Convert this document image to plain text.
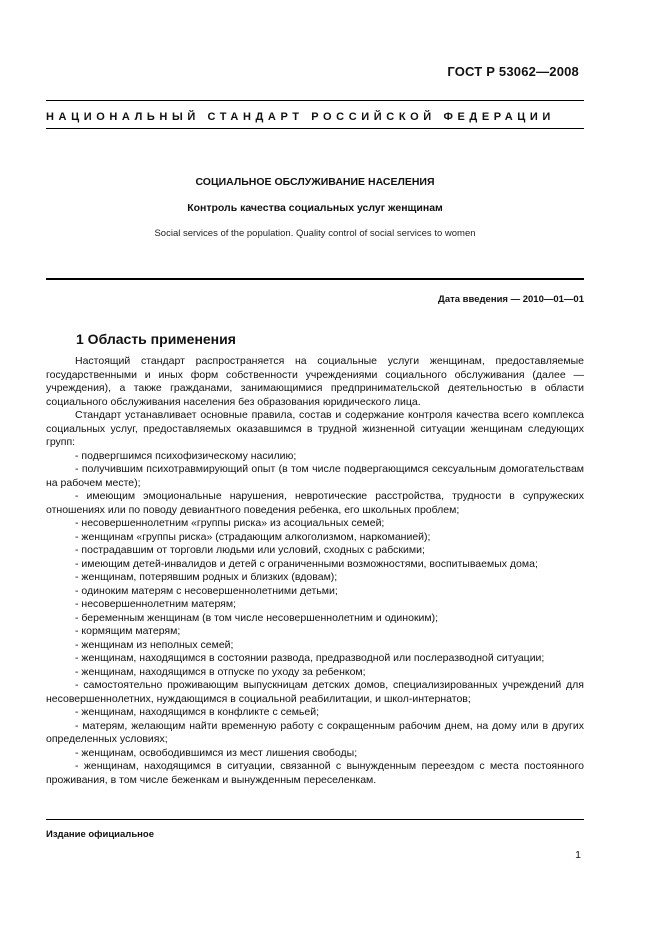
ГОСТ Р 53062—2008
НАЦИОНАЛЬНЫЙ СТАНДАРТ РОССИЙСКОЙ ФЕДЕРАЦИИ
СОЦИАЛЬНОЕ ОБСЛУЖИВАНИЕ НАСЕЛЕНИЯ
Контроль качества социальных услуг женщинам
Social services of the population. Quality control of social services to women
Дата введения — 2010—01—01
1 Область применения

Настоящий стандарт распространяется на социальные услуги женщинам, предоставляемые государственными и иных форм собственности учреждениями социального обслуживания (далее — учреждения), а также гражданами, занимающимися предпринимательской деятельностью в области социального обслуживания населения без образования юридического лица.

Стандарт устанавливает основные правила, состав и содержание контроля качества всего комплекса социальных услуг, предоставляемых оказавшимся в трудной жизненной ситуации женщинам следующих групп:

- подвергшимся психофизическому насилию;

- получившим психотравмирующий опыт (в том числе подвергающимся сексуальным домогательствам на рабочем месте);

- имеющим эмоциональные нарушения, невротические расстройства, трудности в супружеских отношениях или по поводу девиантного поведения ребенка, его школьных проблем;

- несовершеннолетним «группы риска» из асоциальных семей;

- женщинам «группы риска» (страдающим алкоголизмом, наркоманией);

- пострадавшим от торговли людьми или условий, сходных с рабскими;

- имеющим детей-инвалидов и детей с ограниченными возможностями, воспитываемых дома;

- женщинам, потерявшим родных и близких (вдовам);

- одиноким матерям с несовершеннолетними детьми;

- несовершеннолетним матерям;

- беременным женщинам (в том числе несовершеннолетним и одиноким);

- кормящим матерям;

- женщинам из неполных семей;

- женщинам, находящимся в состоянии развода, предразводной или послеразводной ситуации;

- женщинам, находящимся в отпуске по уходу за ребенком;

- самостоятельно проживающим выпускницам детских домов, специализированных учреждений для несовершеннолетних, нуждающимся в социальной реабилитации, и школ-интернатов;

- женщинам, находящимся в конфликте с семьей;

- матерям, желающим найти временную работу с сокращенным рабочим днем, на дому или в других определенных условиях;

- женщинам, освободившимся из мест лишения свободы;

- женщинам, находящимся в ситуации, связанной с вынужденным переездом с места постоянного проживания, в том числе беженкам и вынужденным переселенкам.

Издание официальное
1
